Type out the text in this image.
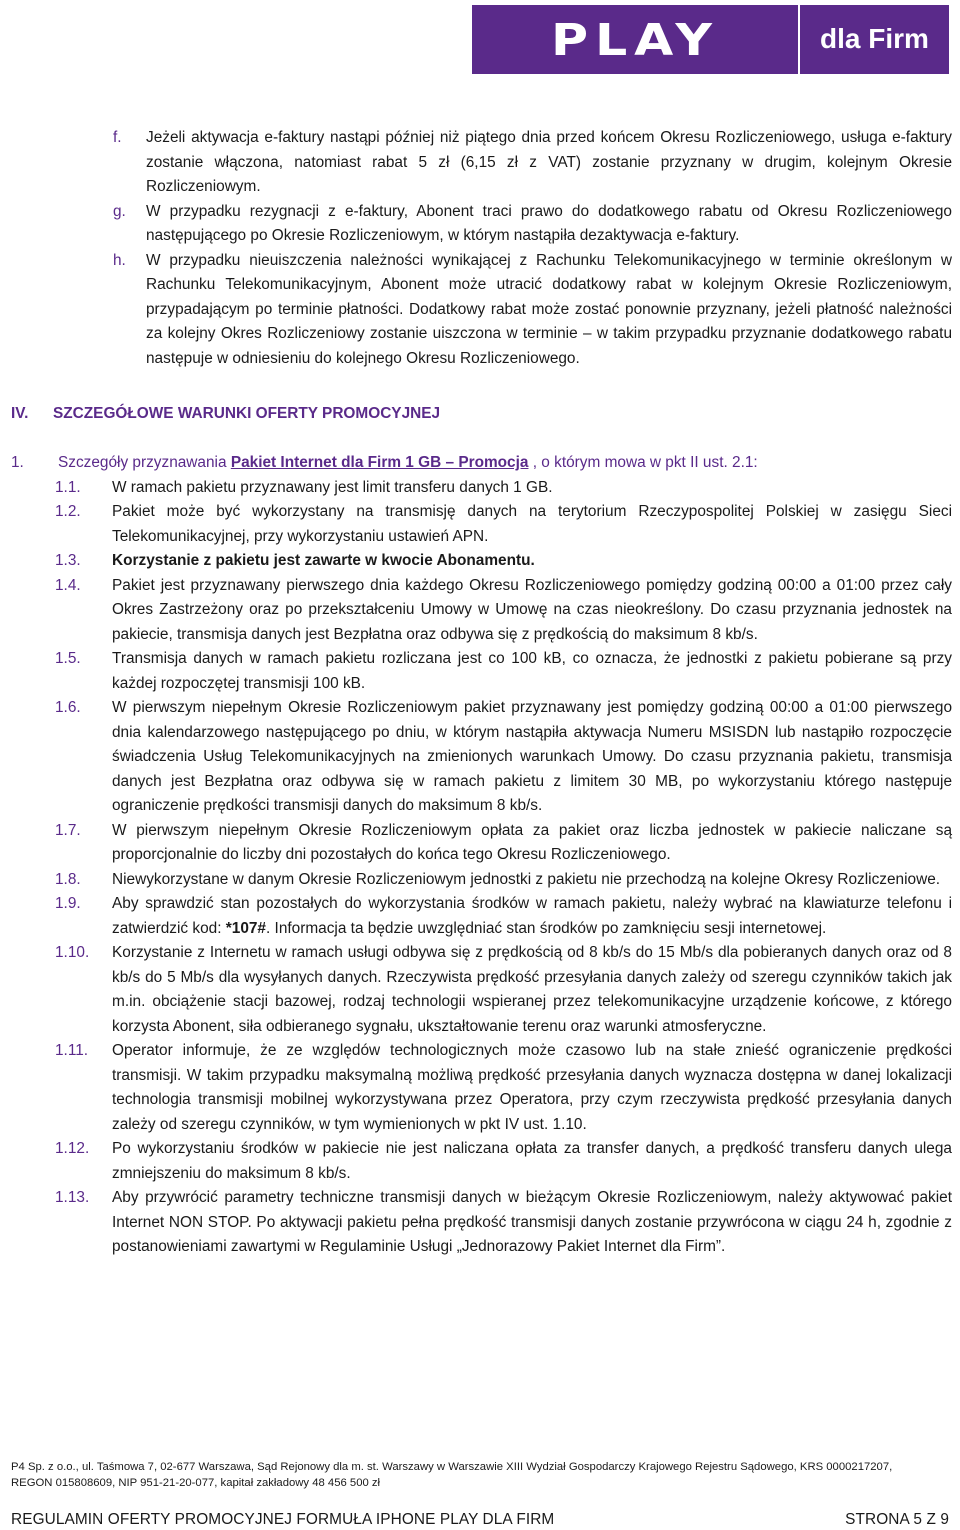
PLAY	dla Firm
f. Jeżeli aktywacja e-faktury nastąpi później niż piątego dnia przed końcem Okresu Rozliczeniowego, usługa e-faktury zostanie włączona, natomiast rabat 5 zł (6,15 zł z VAT) zostanie przyznany w drugim, kolejnym Okresie Rozliczeniowym.
g. W przypadku rezygnacji z e-faktury, Abonent traci prawo do dodatkowego rabatu od Okresu Rozliczeniowego następującego po Okresie Rozliczeniowym, w którym nastąpiła dezaktywacja e-faktury.
h. W przypadku nieuiszczenia należności wynikającej z Rachunku Telekomunikacyjnego w terminie określonym w Rachunku Telekomunikacyjnym, Abonent może utracić dodatkowy rabat w kolejnym Okresie Rozliczeniowym, przypadającym po terminie płatności. Dodatkowy rabat może zostać ponownie przyznany, jeżeli płatność należności za kolejny Okres Rozliczeniowy zostanie uiszczona w terminie – w takim przypadku przyznanie dodatkowego rabatu następuje w odniesieniu do kolejnego Okresu Rozliczeniowego.
IV. SZCZEGÓŁOWE WARUNKI OFERTY PROMOCYJNEJ
1. Szczegóły przyznawania Pakiet Internet dla Firm 1 GB – Promocja , o którym mowa w pkt II ust. 2.1:
1.1. W ramach pakietu przyznawany jest limit transferu danych 1 GB.
1.2. Pakiet może być wykorzystany na transmisję danych na terytorium Rzeczypospolitej Polskiej w zasięgu Sieci Telekomunikacyjnej, przy wykorzystaniu ustawień APN.
1.3. Korzystanie z pakietu jest zawarte w kwocie Abonamentu.
1.4. Pakiet jest przyznawany pierwszego dnia każdego Okresu Rozliczeniowego pomiędzy godziną 00:00 a 01:00 przez cały Okres Zastrzeżony oraz po przekształceniu Umowy w Umowę na czas nieokreślony. Do czasu przyznania jednostek na pakiecie, transmisja danych jest Bezpłatna oraz odbywa się z prędkością do maksimum 8 kb/s.
1.5. Transmisja danych w ramach pakietu rozliczana jest co 100 kB, co oznacza, że jednostki z pakietu pobierane są przy każdej rozpoczętej transmisji 100 kB.
1.6. W pierwszym niepełnym Okresie Rozliczeniowym pakiet przyznawany jest pomiędzy godziną 00:00 a 01:00 pierwszego dnia kalendarzowego następującego po dniu, w którym nastąpiła aktywacja Numeru MSISDN lub nastąpiło rozpoczęcie świadczenia Usług Telekomunikacyjnych na zmienionych warunkach Umowy. Do czasu przyznania pakietu, transmisja danych jest Bezpłatna oraz odbywa się w ramach pakietu z limitem 30 MB, po wykorzystaniu którego następuje ograniczenie prędkości transmisji danych do maksimum 8 kb/s.
1.7. W pierwszym niepełnym Okresie Rozliczeniowym opłata za pakiet oraz liczba jednostek w pakiecie naliczane są proporcjonalnie do liczby dni pozostałych do końca tego Okresu Rozliczeniowego.
1.8. Niewykorzystane w danym Okresie Rozliczeniowym jednostki z pakietu nie przechodzą na kolejne Okresy Rozliczeniowe.
1.9. Aby sprawdzić stan pozostałych do wykorzystania środków w ramach pakietu, należy wybrać na klawiaturze telefonu i zatwierdzić kod: *107#. Informacja ta będzie uwzględniać stan środków po zamknięciu sesji internetowej.
1.10. Korzystanie z Internetu w ramach usługi odbywa się z prędkością od 8 kb/s do 15 Mb/s dla pobieranych danych oraz od 8 kb/s do 5 Mb/s dla wysyłanych danych. Rzeczywista prędkość przesyłania danych zależy od szeregu czynników takich jak m.in. obciążenie stacji bazowej, rodzaj technologii wspieranej przez telekomunikacyjne urządzenie końcowe, z którego korzysta Abonent, siła odbieranego sygnału, ukształtowanie terenu oraz warunki atmosferyczne.
1.11. Operator informuje, że ze względów technologicznych może czasowo lub na stałe znieść ograniczenie prędkości transmisji. W takim przypadku maksymalną możliwą prędkość przesyłania danych wyznacza dostępna w danej lokalizacji technologia transmisji mobilnej wykorzystywana przez Operatora, przy czym rzeczywista prędkość przesyłania danych zależy od szeregu czynników, w tym wymienionych w pkt IV ust. 1.10.
1.12. Po wykorzystaniu środków w pakiecie nie jest naliczana opłata za transfer danych, a prędkość transferu danych ulega zmniejszeniu do maksimum 8 kb/s.
1.13. Aby przywrócić parametry techniczne transmisji danych w bieżącym Okresie Rozliczeniowym, należy aktywować pakiet Internet NON STOP. Po aktywacji pakietu pełna prędkość transmisji danych zostanie przywrócona w ciągu 24 h, zgodnie z postanowieniami zawartymi w Regulaminie Usługi „Jednorazowy Pakiet Internet dla Firm”.
P4 Sp. z o.o., ul. Taśmowa 7, 02-677 Warszawa, Sąd Rejonowy dla m. st. Warszawy w Warszawie XIII Wydział Gospodarczy Krajowego Rejestru Sądowego, KRS 0000217207,
REGON 015808609, NIP 951-21-20-077, kapitał zakładowy 48 456 500 zł
REGULAMIN OFERTY PROMOCYJNEJ FORMUŁA IPHONE PLAY DLA FIRM	STRONA 5 Z 9
